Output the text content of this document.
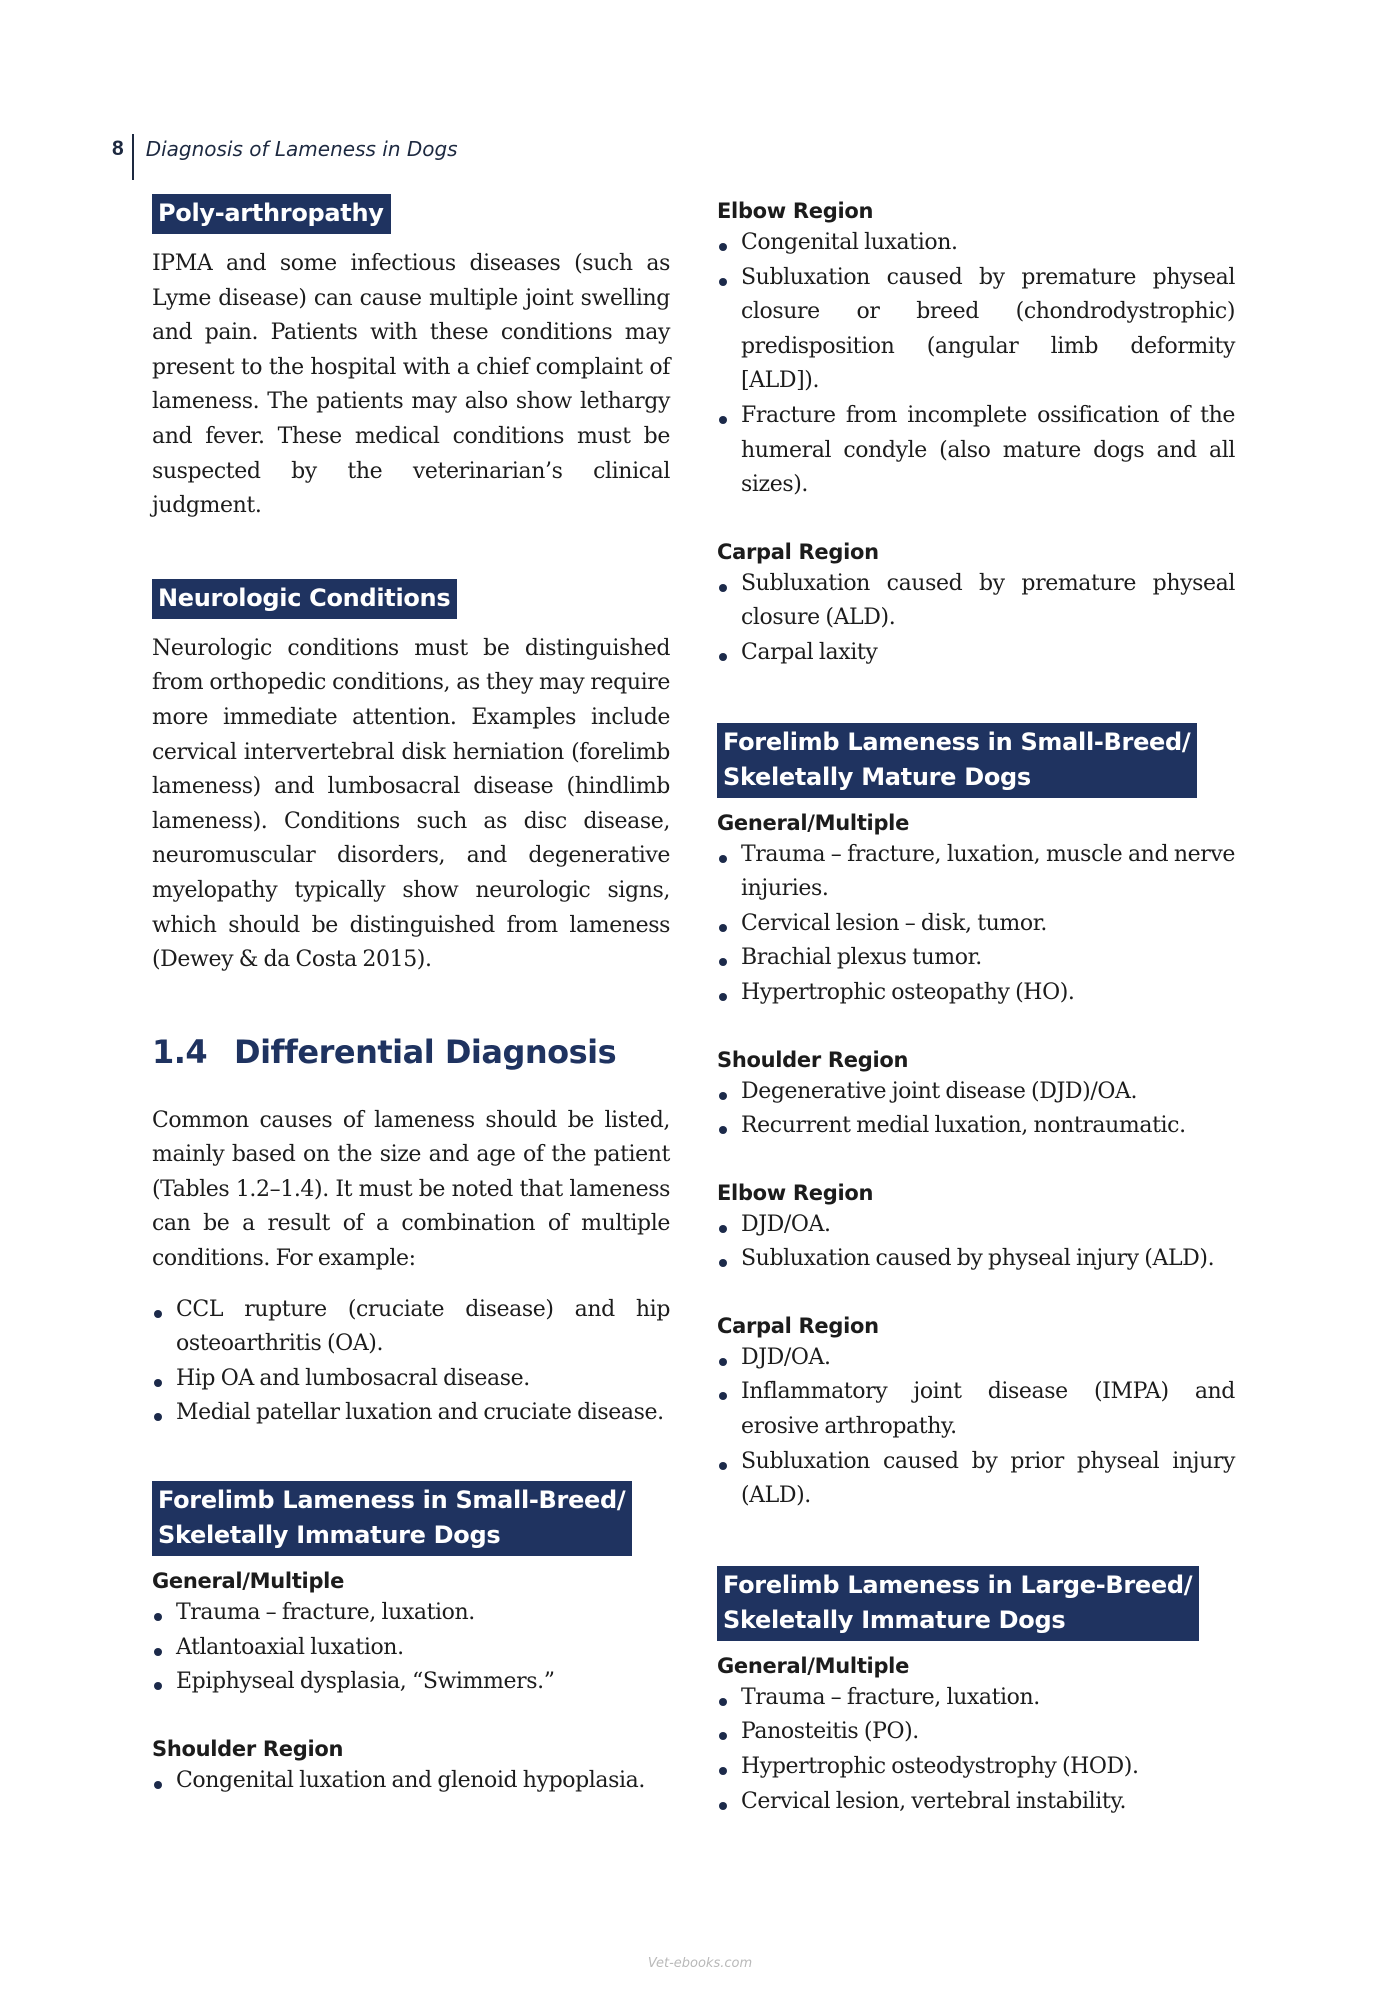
8 Diagnosis of Lameness in Dogs
Poly-arthropathy

IPMA and some infectious diseases (such as Lyme disease) can cause multiple joint swelling and pain. Patients with these conditions may present to the hospital with a chief complaint of lameness. The patients may also show lethargy and fever. These medical conditions must be suspected by the veterinarian’s clinical judgment.

Neurologic Conditions

Neurologic conditions must be distinguished from orthopedic conditions, as they may require more immediate attention. Examples include cervical intervertebral disk herniation (forelimb lameness) and lumbosacral disease (hindlimb lameness). Conditions such as disc disease, neuromuscular disorders, and degenerative myelopathy typically show neurologic signs, which should be distinguished from lameness (Dewey & da Costa 2015).

1.4 Differential Diagnosis

Common causes of lameness should be listed, mainly based on the size and age of the patient (Tables 1.2–1.4). It must be noted that lameness can be a result of a combination of multiple conditions. For example:

CCL rupture (cruciate disease) and hip osteoarthritis (OA).
Hip OA and lumbosacral disease.
Medial patellar luxation and cruciate disease.
Forelimb Lameness in Small-Breed/
Skeletally Immature Dogs
General/Multiple
Trauma – fracture, luxation.
Atlantoaxial luxation.
Epiphyseal dysplasia, “Swimmers.”
Shoulder Region
Congenital luxation and glenoid hypoplasia.
Elbow Region
Congenital luxation.
Subluxation caused by premature physeal closure or breed (chondrodystrophic) predisposition (angular limb deformity [ALD]).
Fracture from incomplete ossification of the humeral condyle (also mature dogs and all sizes).
Carpal Region
Subluxation caused by premature physeal closure (ALD).
Carpal laxity
Forelimb Lameness in Small-Breed/
Skeletally Mature Dogs
General/Multiple
Trauma – fracture, luxation, muscle and nerve injuries.
Cervical lesion – disk, tumor.
Brachial plexus tumor.
Hypertrophic osteopathy (HO).
Shoulder Region
Degenerative joint disease (DJD)/OA.
Recurrent medial luxation, nontraumatic.
Elbow Region
DJD/OA.
Subluxation caused by physeal injury (ALD).
Carpal Region
DJD/OA.
Inflammatory joint disease (IMPA) and erosive arthropathy.
Subluxation caused by prior physeal injury (ALD).
Forelimb Lameness in Large-Breed/
Skeletally Immature Dogs
General/Multiple
Trauma – fracture, luxation.
Panosteitis (PO).
Hypertrophic osteodystrophy (HOD).
Cervical lesion, vertebral instability.
Vet-ebooks.com
